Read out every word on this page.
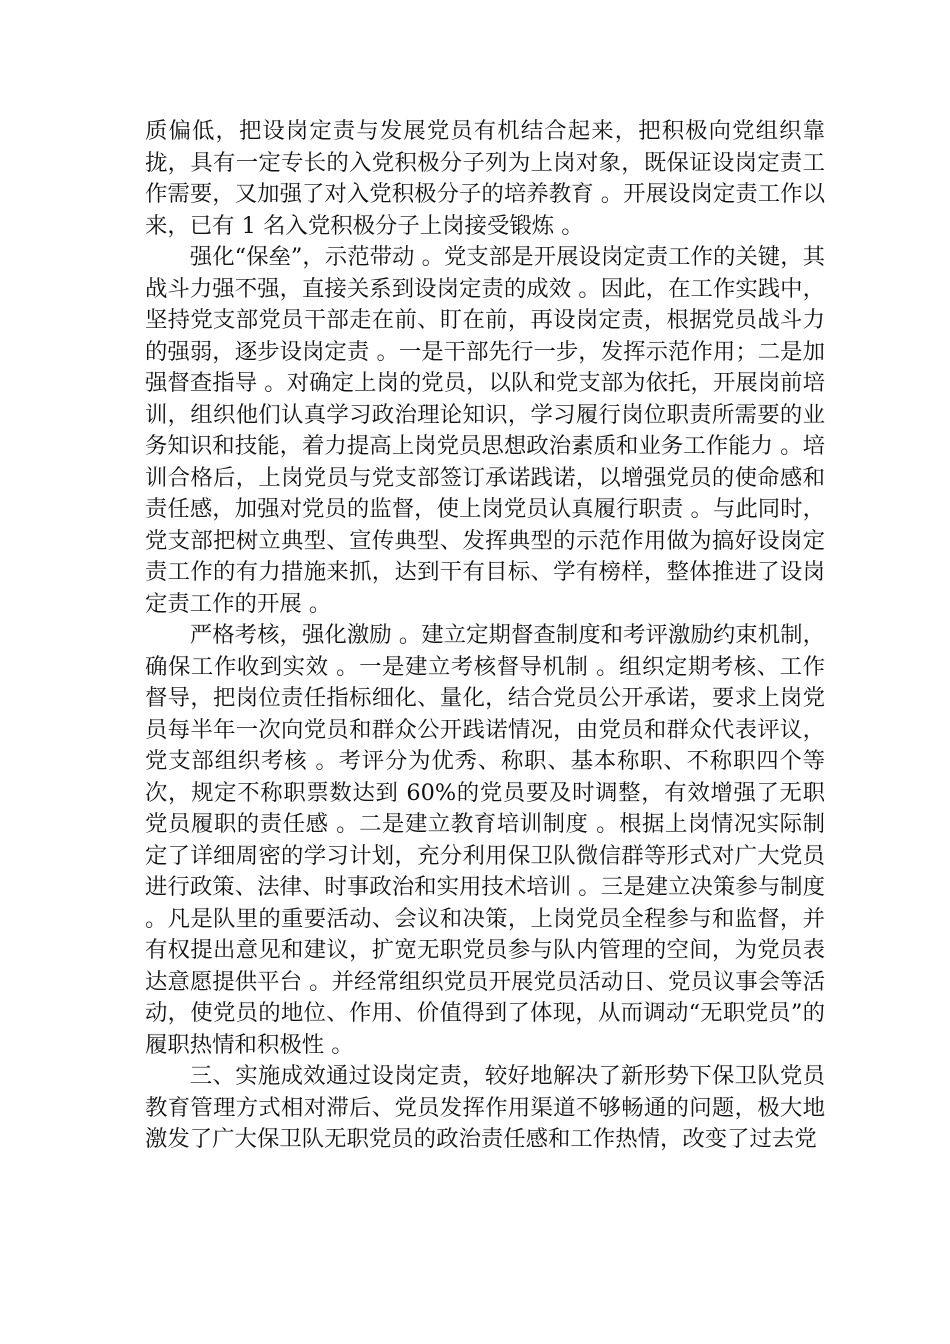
质偏低，把设岗定责与发展党员有机结合起来，把积极向党组织靠拢，具有一定专长的入党积极分子列为上岗对象，既保证设岗定责工作需要，又加强了对入党积极分子的培养教育 。开展设岗定责工作以来，已有 1 名入党积极分子上岗接受锻炼 。

强化“保垒”，示范带动 。党支部是开展设岗定责工作的关键，其战斗力强不强，直接关系到设岗定责的成效 。因此，在工作实践中，坚持党支部党员干部走在前、盯在前，再设岗定责，根据党员战斗力的强弱，逐步设岗定责 。一是干部先行一步，发挥示范作用；二是加强督查指导 。对确定上岗的党员，以队和党支部为依托，开展岗前培训，组织他们认真学习政治理论知识，学习履行岗位职责所需要的业务知识和技能，着力提高上岗党员思想政治素质和业务工作能力 。培训合格后，上岗党员与党支部签订承诺践诺，以增强党员的使命感和责任感，加强对党员的监督，使上岗党员认真履行职责 。与此同时，党支部把树立典型、宣传典型、发挥典型的示范作用做为搞好设岗定责工作的有力措施来抓，达到干有目标、学有榜样，整体推进了设岗定责工作的开展 。

严格考核，强化激励 。建立定期督查制度和考评激励约束机制，确保工作收到实效 。一是建立考核督导机制 。组织定期考核、工作督导，把岗位责任指标细化、量化，结合党员公开承诺，要求上岗党员每半年一次向党员和群众公开践诺情况，由党员和群众代表评议，党支部组织考核 。考评分为优秀、称职、基本称职、不称职四个等次，规定不称职票数达到 60%的党员要及时调整，有效增强了无职党员履职的责任感 。二是建立教育培训制度 。根据上岗情况实际制定了详细周密的学习计划，充分利用保卫队微信群等形式对广大党员进行政策、法律、时事政治和实用技术培训 。三是建立决策参与制度 。凡是队里的重要活动、会议和决策，上岗党员全程参与和监督，并有权提出意见和建议，扩宽无职党员参与队内管理的空间，为党员表达意愿提供平台 。并经常组织党员开展党员活动日、党员议事会等活动，使党员的地位、作用、价值得到了体现，从而调动“无职党员”的履职热情和积极性 。

三、实施成效通过设岗定责，较好地解决了新形势下保卫队党员教育管理方式相对滞后、党员发挥作用渠道不够畅通的问题，极大地激发了广大保卫队无职党员的政治责任感和工作热情，改变了过去党
